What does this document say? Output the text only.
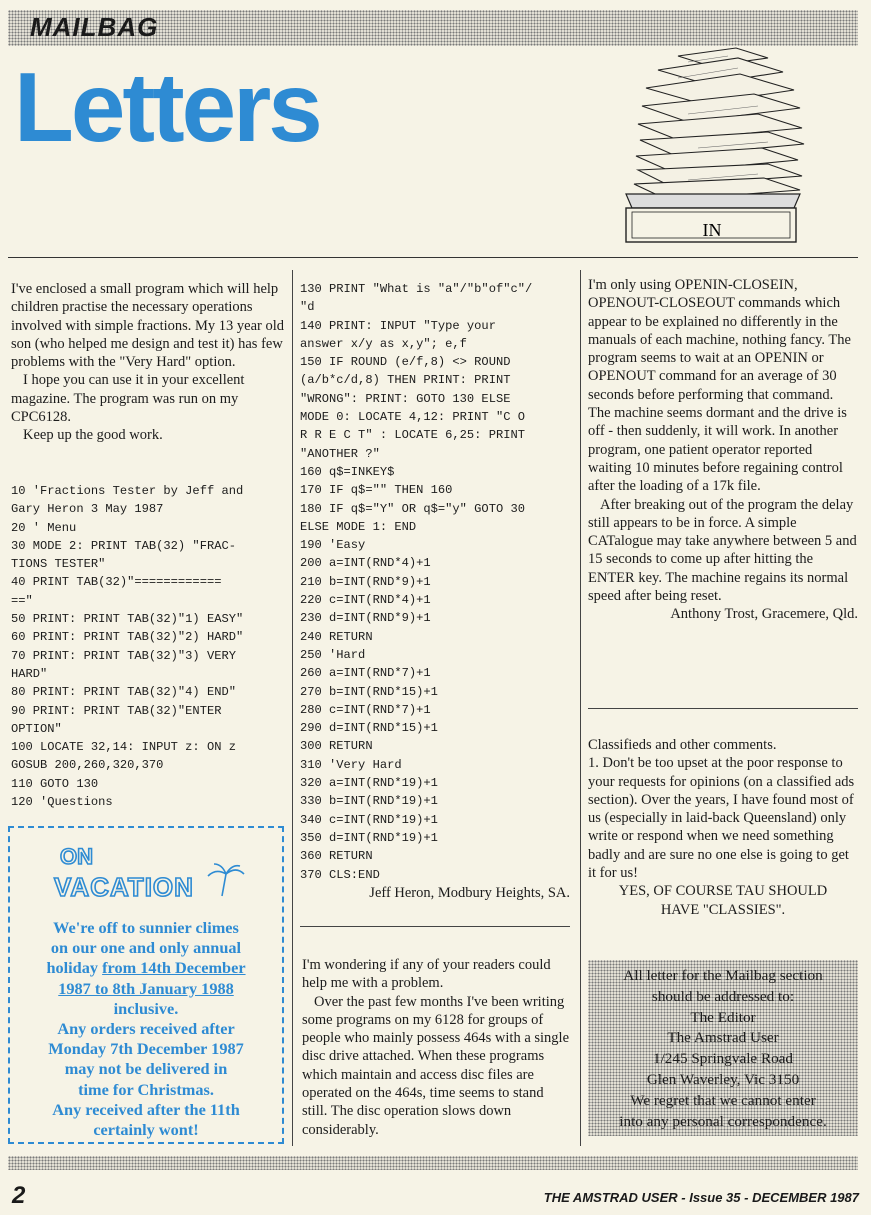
MAILBAG
Letters
IN

I've enclosed a small program which will help children practise the necessary operations involved with simple fractions. My 13 year old son (who helped me design and test it) has few problems with the "Very Hard" option.

I hope you can use it in your excellent magazine. The program was run on my CPC6128.

Keep up the good work.

10 'Fractions Tester by Jeff and
Gary Heron 3 May 1987
20 ' Menu
30 MODE 2: PRINT TAB(32) "FRAC-
TIONS TESTER"
40 PRINT TAB(32)"============
=="
50 PRINT: PRINT TAB(32)"1) EASY"
60 PRINT: PRINT TAB(32)"2) HARD"
70 PRINT: PRINT TAB(32)"3) VERY
HARD"
80 PRINT: PRINT TAB(32)"4) END"
90 PRINT: PRINT TAB(32)"ENTER
OPTION"
100 LOCATE 32,14: INPUT z: ON z
GOSUB 200,260,320,370
110 GOTO 130
120 'Questions
130 PRINT "What is "a"/"b"of"c"/
"d
140 PRINT: INPUT "Type your
answer x/y as x,y"; e,f
150 IF ROUND (e/f,8) <> ROUND
(a/b*c/d,8) THEN PRINT: PRINT
"WRONG": PRINT: GOTO 130 ELSE
MODE 0: LOCATE 4,12: PRINT "C O
R R E C T" : LOCATE 6,25: PRINT
"ANOTHER ?"
160 q$=INKEY$
170 IF q$="" THEN 160
180 IF q$="Y" OR q$="y" GOTO 30
ELSE MODE 1: END
190 'Easy
200 a=INT(RND*4)+1
210 b=INT(RND*9)+1
220 c=INT(RND*4)+1
230 d=INT(RND*9)+1
240 RETURN
250 'Hard
260 a=INT(RND*7)+1
270 b=INT(RND*15)+1
280 c=INT(RND*7)+1
290 d=INT(RND*15)+1
300 RETURN
310 'Very Hard
320 a=INT(RND*19)+1
330 b=INT(RND*19)+1
340 c=INT(RND*19)+1
350 d=INT(RND*19)+1
360 RETURN
370 CLS:END
Jeff Heron, Modbury Heights, SA.
ON
VACATION
We're off to sunnier climes
on our one and only annual
holiday from 14th December
1987 to 8th January 1988
inclusive.
Any orders received after
Monday 7th December 1987
may not be delivered in
time for Christmas.
Any received after the 11th
certainly wont!

I'm wondering if any of your readers could help me with a problem.

Over the past few months I've been writing some programs on my 6128 for groups of people who mainly possess 464s with a single disc drive attached. When these programs which maintain and access disc files are operated on the 464s, time seems to stand still. The disc operation slows down considerably.

I'm only using OPENIN-CLOSEIN, OPENOUT-CLOSEOUT commands which appear to be explained no differently in the manuals of each machine, nothing fancy. The program seems to wait at an OPENIN or OPENOUT command for an average of 30 seconds before performing that command. The machine seems dormant and the drive is off - then suddenly, it will work. In another program, one patient operator reported waiting 10 minutes before regaining control after the loading of a 17k file.

After breaking out of the program the delay still appears to be in force. A simple CATalogue may take anywhere between 5 and 15 seconds to come up after hitting the ENTER key. The machine regains its normal speed after being reset.

Anthony Trost, Gracemere, Qld.

Classifieds and other comments.

1. Don't be too upset at the poor response to your requests for opinions (on a classified ads section). Over the years, I have found most of us (especially in laid-back Queensland) only write or respond when we need something badly and are sure no one else is going to get it for us!

YES, OF COURSE TAU SHOULD

HAVE "CLASSIES".

All letter for the Mailbag section
should be addressed to:
The Editor
The Amstrad User
1/245 Springvale Road
Glen Waverley, Vic 3150
We regret that we cannot enter
into any personal correspondence.
2	THE AMSTRAD USER - Issue 35 - DECEMBER 1987
